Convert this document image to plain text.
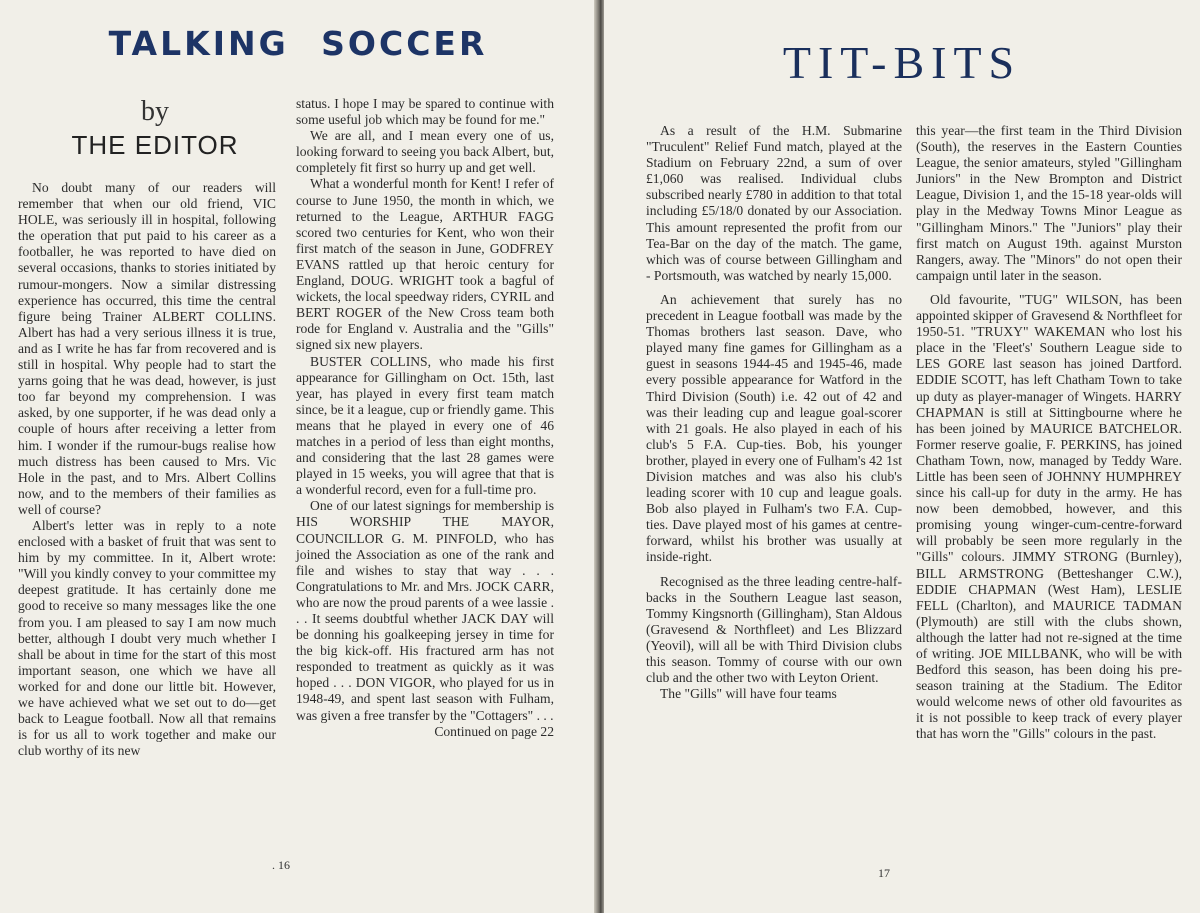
TALKING SOCCER
by
THE EDITOR

No doubt many of our readers will remember that when our old friend, VIC HOLE, was seriously ill in hospital, following the operation that put paid to his career as a footballer, he was reported to have died on several occasions, thanks to stories initiated by rumour-mongers. Now a similar distressing experience has occurred, this time the central figure being Trainer ALBERT COLLINS. Albert has had a very serious illness it is true, and as I write he has far from recovered and is still in hospital. Why people had to start the yarns going that he was dead, however, is just too far beyond my comprehension. I was asked, by one supporter, if he was dead only a couple of hours after receiving a letter from him. I wonder if the rumour-bugs realise how much distress has been caused to Mrs. Vic Hole in the past, and to Mrs. Albert Collins now, and to the members of their families as well of course?

Albert's letter was in reply to a note enclosed with a basket of fruit that was sent to him by my committee. In it, Albert wrote: "Will you kindly convey to your committee my deepest gratitude. It has certainly done me good to receive so many messages like the one from you. I am pleased to say I am now much better, although I doubt very much whether I shall be about in time for the start of this most important season, one which we have all worked for and done our little bit. However, we have achieved what we set out to do—get back to League football. Now all that remains is for us all to work together and make our club worthy of its new

status. I hope I may be spared to continue with some useful job which may be found for me."

We are all, and I mean every one of us, looking forward to seeing you back Albert, but, completely fit first so hurry up and get well.

What a wonderful month for Kent! I refer of course to June 1950, the month in which, we returned to the League, ARTHUR FAGG scored two centuries for Kent, who won their first match of the season in June, GODFREY EVANS rattled up that heroic century for England, DOUG. WRIGHT took a bagful of wickets, the local speedway riders, CYRIL and BERT ROGER of the New Cross team both rode for England v. Australia and the "Gills" signed six new players.

BUSTER COLLINS, who made his first appearance for Gillingham on Oct. 15th, last year, has played in every first team match since, be it a league, cup or friendly game. This means that he played in every one of 46 matches in a period of less than eight months, and considering that the last 28 games were played in 15 weeks, you will agree that that is a wonderful record, even for a full-time pro.

One of our latest signings for membership is HIS WORSHIP THE MAYOR, COUNCILLOR G. M. PINFOLD, who has joined the Association as one of the rank and file and wishes to stay that way . . . Congratulations to Mr. and Mrs. JOCK CARR, who are now the proud parents of a wee lassie . . . It seems doubtful whether JACK DAY will be donning his goalkeeping jersey in time for the big kick-off. His fractured arm has not responded to treatment as quickly as it was hoped . . . DON VIGOR, who played for us in 1948-49, and spent last season with Fulham, was given a free transfer by the "Cottagers" . . .

Continued on page 22

. 16
TIT-BITS

As a result of the H.M. Submarine "Truculent" Relief Fund match, played at the Stadium on February 22nd, a sum of over £1,060 was realised. Individual clubs subscribed nearly £780 in addition to that total including £5/18/0 donated by our Association. This amount represented the profit from our Tea-Bar on the day of the match. The game, which was of course between Gillingham and - Portsmouth, was watched by nearly 15,000.

An achievement that surely has no precedent in League football was made by the Thomas brothers last season. Dave, who played many fine games for Gillingham as a guest in seasons 1944-45 and 1945-46, made every possible appearance for Watford in the Third Division (South) i.e. 42 out of 42 and was their leading cup and league goal-scorer with 21 goals. He also played in each of his club's 5 F.A. Cup-ties. Bob, his younger brother, played in every one of Fulham's 42 1st Division matches and was also his club's leading scorer with 10 cup and league goals. Bob also played in Fulham's two F.A. Cup-ties. Dave played most of his games at centre-forward, whilst his brother was usually at inside-right.

Recognised as the three leading centre-half-backs in the Southern League last season, Tommy Kingsnorth (Gillingham), Stan Aldous (Gravesend & Northfleet) and Les Blizzard (Yeovil), will all be with Third Division clubs this season. Tommy of course with our own club and the other two with Leyton Orient.

The "Gills" will have four teams

this year—the first team in the Third Division (South), the reserves in the Eastern Counties League, the senior amateurs, styled "Gillingham Juniors" in the New Brompton and District League, Division 1, and the 15-18 year-olds will play in the Medway Towns Minor League as "Gillingham Minors." The "Juniors" play their first match on August 19th. against Murston Rangers, away. The "Minors" do not open their campaign until later in the season.

Old favourite, "TUG" WILSON, has been appointed skipper of Gravesend & Northfleet for 1950-51. "TRUXY" WAKEMAN who lost his place in the 'Fleet's' Southern League side to LES GORE last season has joined Dartford. EDDIE SCOTT, has left Chatham Town to take up duty as player-manager of Wingets. HARRY CHAPMAN is still at Sittingbourne where he has been joined by MAURICE BATCHELOR. Former reserve goalie, F. PERKINS, has joined Chatham Town, now, managed by Teddy Ware. Little has been seen of JOHNNY HUMPHREY since his call-up for duty in the army. He has now been demobbed, however, and this promising young winger-cum-centre-forward will probably be seen more regularly in the "Gills" colours. JIMMY STRONG (Burnley), BILL ARMSTRONG (Betteshanger C.W.), EDDIE CHAPMAN (West Ham), LESLIE FELL (Charlton), and MAURICE TADMAN (Plymouth) are still with the clubs shown, although the latter had not re-signed at the time of writing. JOE MILLBANK, who will be with Bedford this season, has been doing his pre-season training at the Stadium. The Editor would welcome news of other old favourites as it is not possible to keep track of every player that has worn the "Gills" colours in the past.

17
